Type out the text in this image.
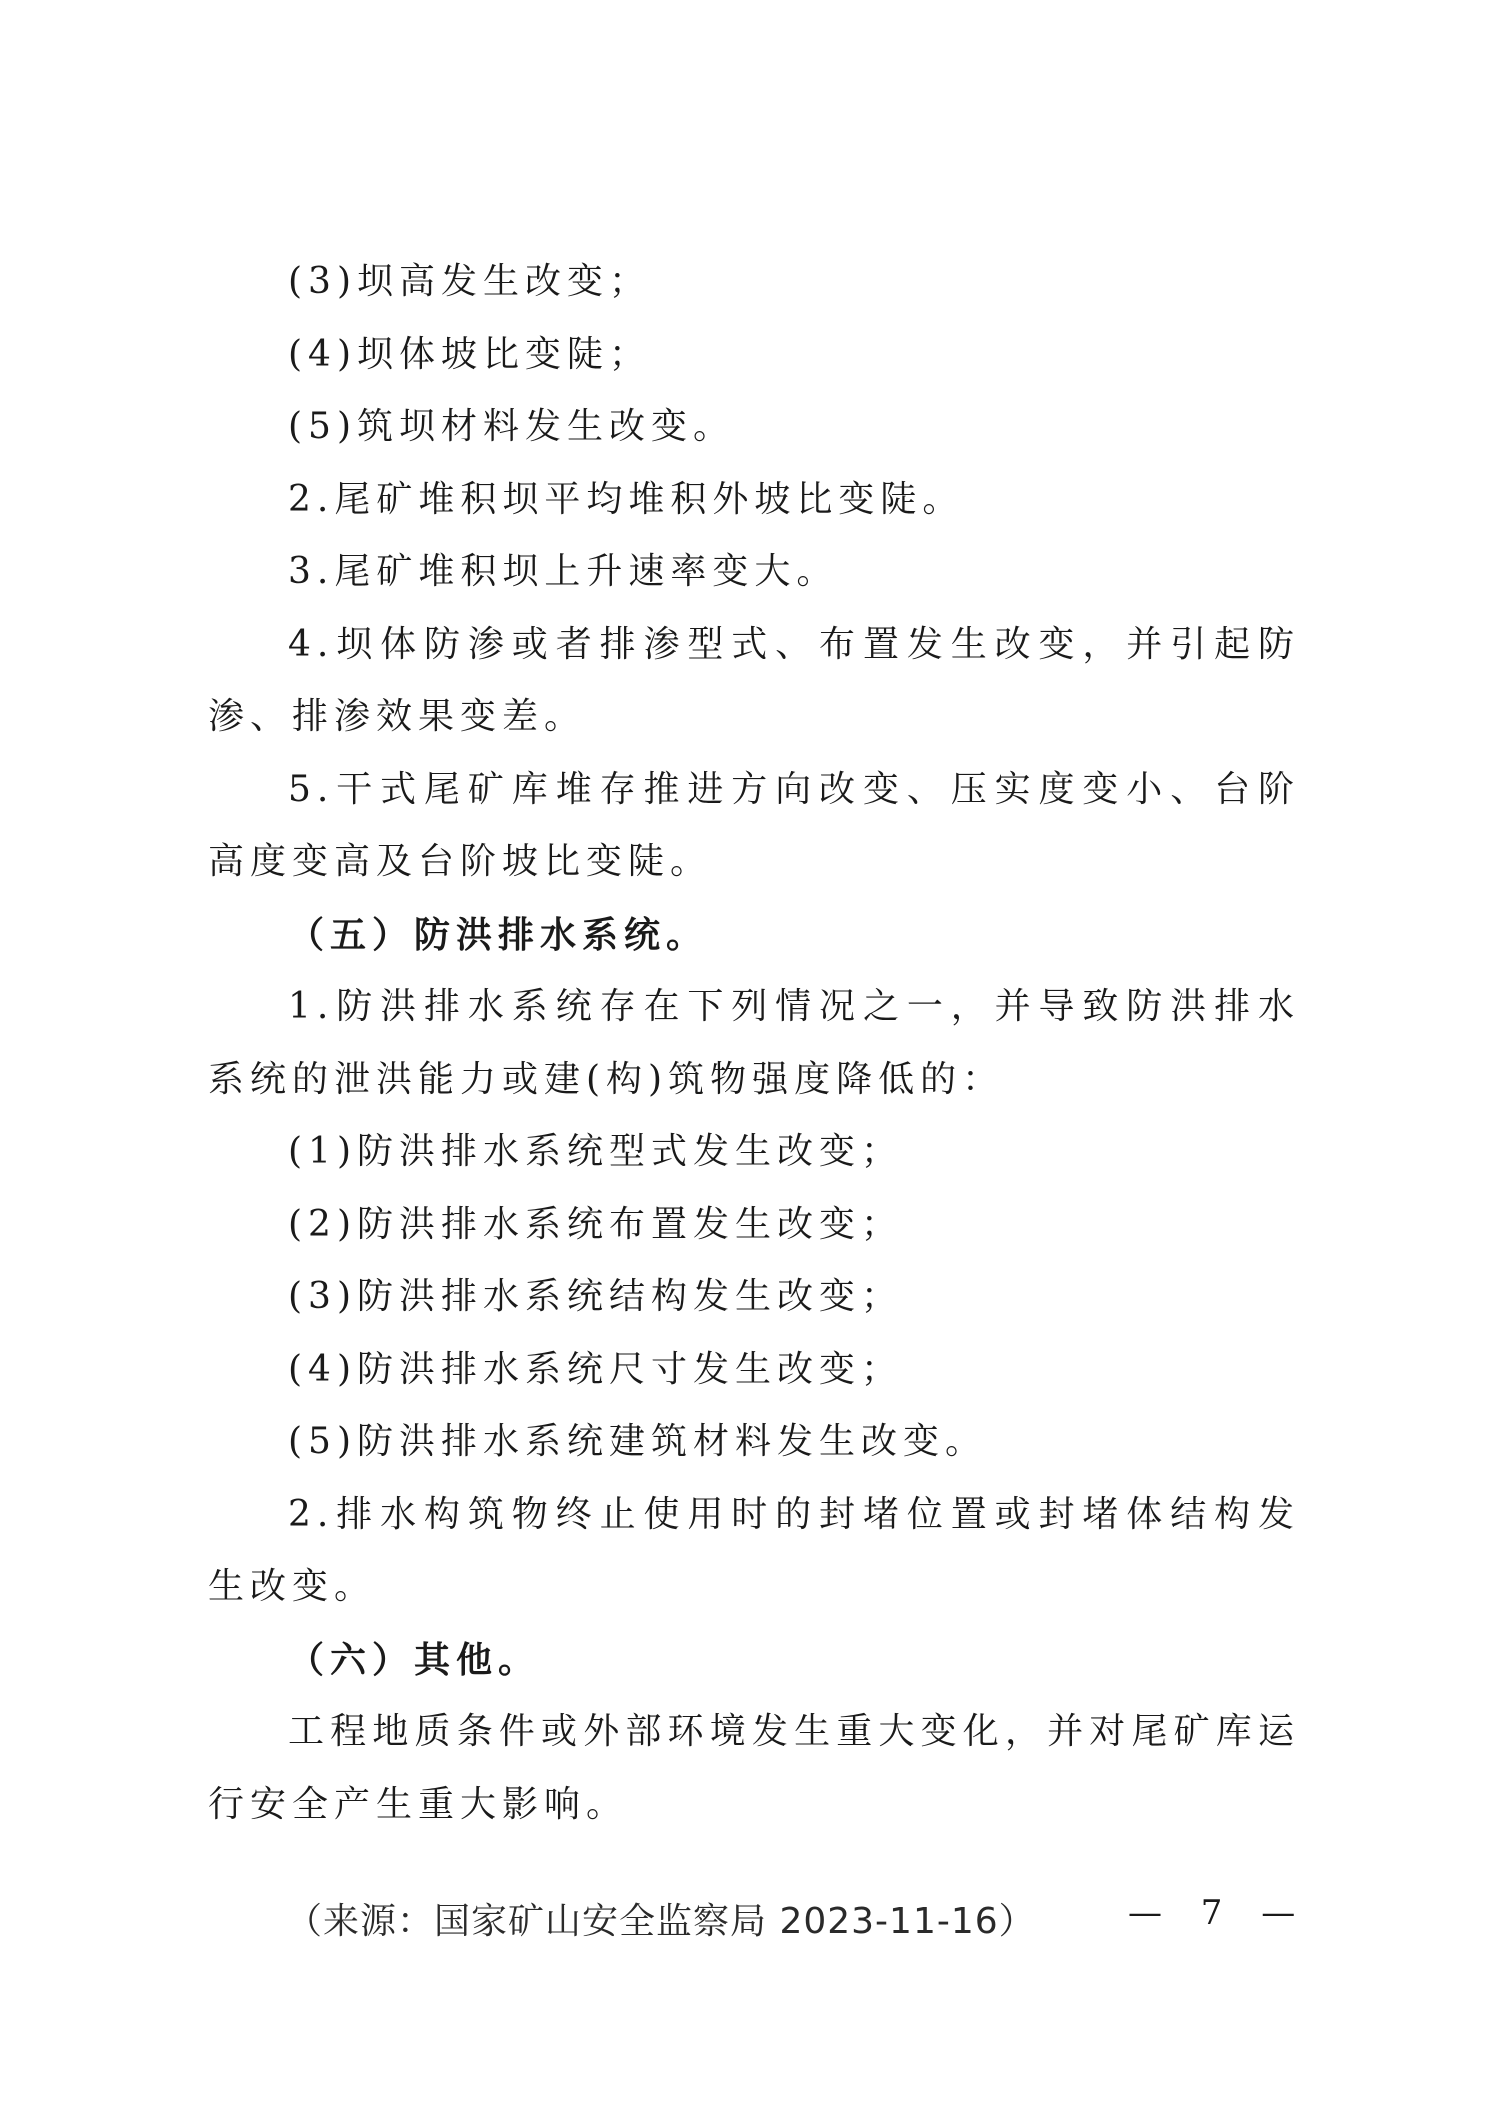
(3)坝高发生改变；

(4)坝体坡比变陡；

(5)筑坝材料发生改变。

2.尾矿堆积坝平均堆积外坡比变陡。

3.尾矿堆积坝上升速率变大。

4.坝体防渗或者排渗型式、布置发生改变，并引起防渗、排渗效果变差。

5.干式尾矿库堆存推进方向改变、压实度变小、台阶高度变高及台阶坡比变陡。

（五）防洪排水系统。

1.防洪排水系统存在下列情况之一，并导致防洪排水系统的泄洪能力或建(构)筑物强度降低的：

(1)防洪排水系统型式发生改变；

(2)防洪排水系统布置发生改变；

(3)防洪排水系统结构发生改变；

(4)防洪排水系统尺寸发生改变；

(5)防洪排水系统建筑材料发生改变。

2.排水构筑物终止使用时的封堵位置或封堵体结构发生改变。

（六）其他。

工程地质条件或外部环境发生重大变化，并对尾矿库运行安全产生重大影响。

（来源：国家矿山安全监察局 2023-11-16）	— 7 —
